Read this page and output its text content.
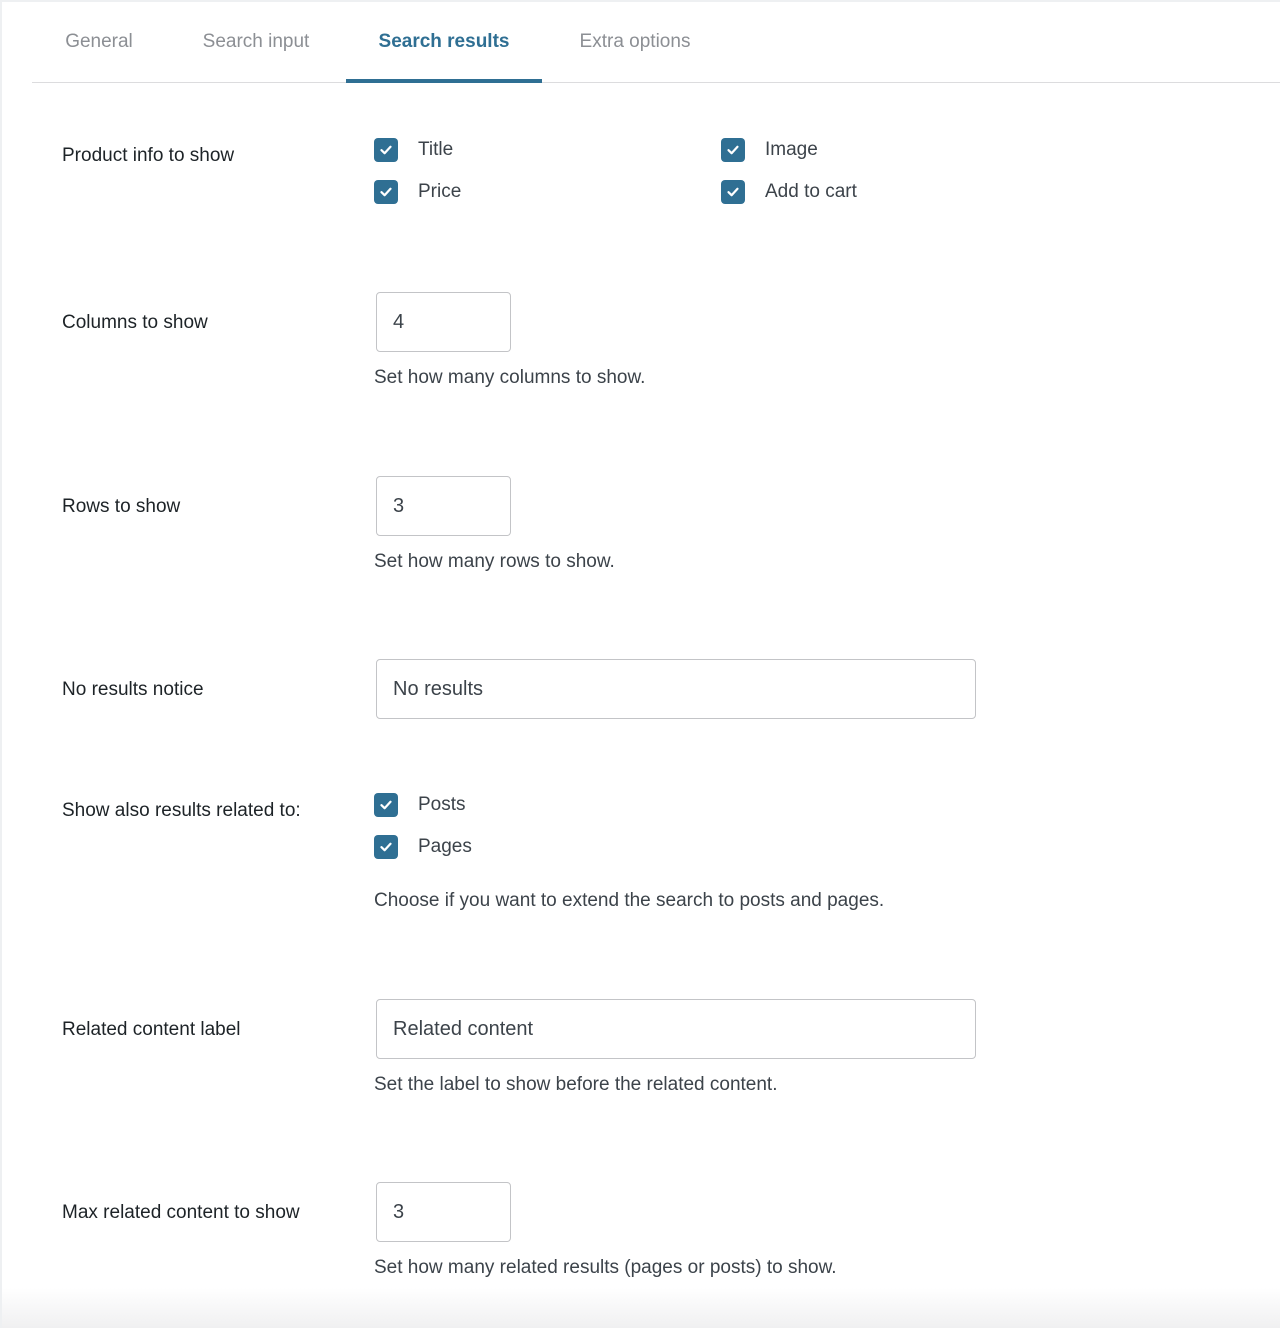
General	Search input	Search results	Extra options
Product info to show	Title	Image
Price	Add to cart
Columns to show
4
Set how many columns to show.
Rows to show
3
Set how many rows to show.
No results notice
No results
Show also results related to:	Posts
Pages
Choose if you want to extend the search to posts and pages.
Related content label
Related content
Set the label to show before the related content.
Max related content to show
3
Set how many related results (pages or posts) to show.
